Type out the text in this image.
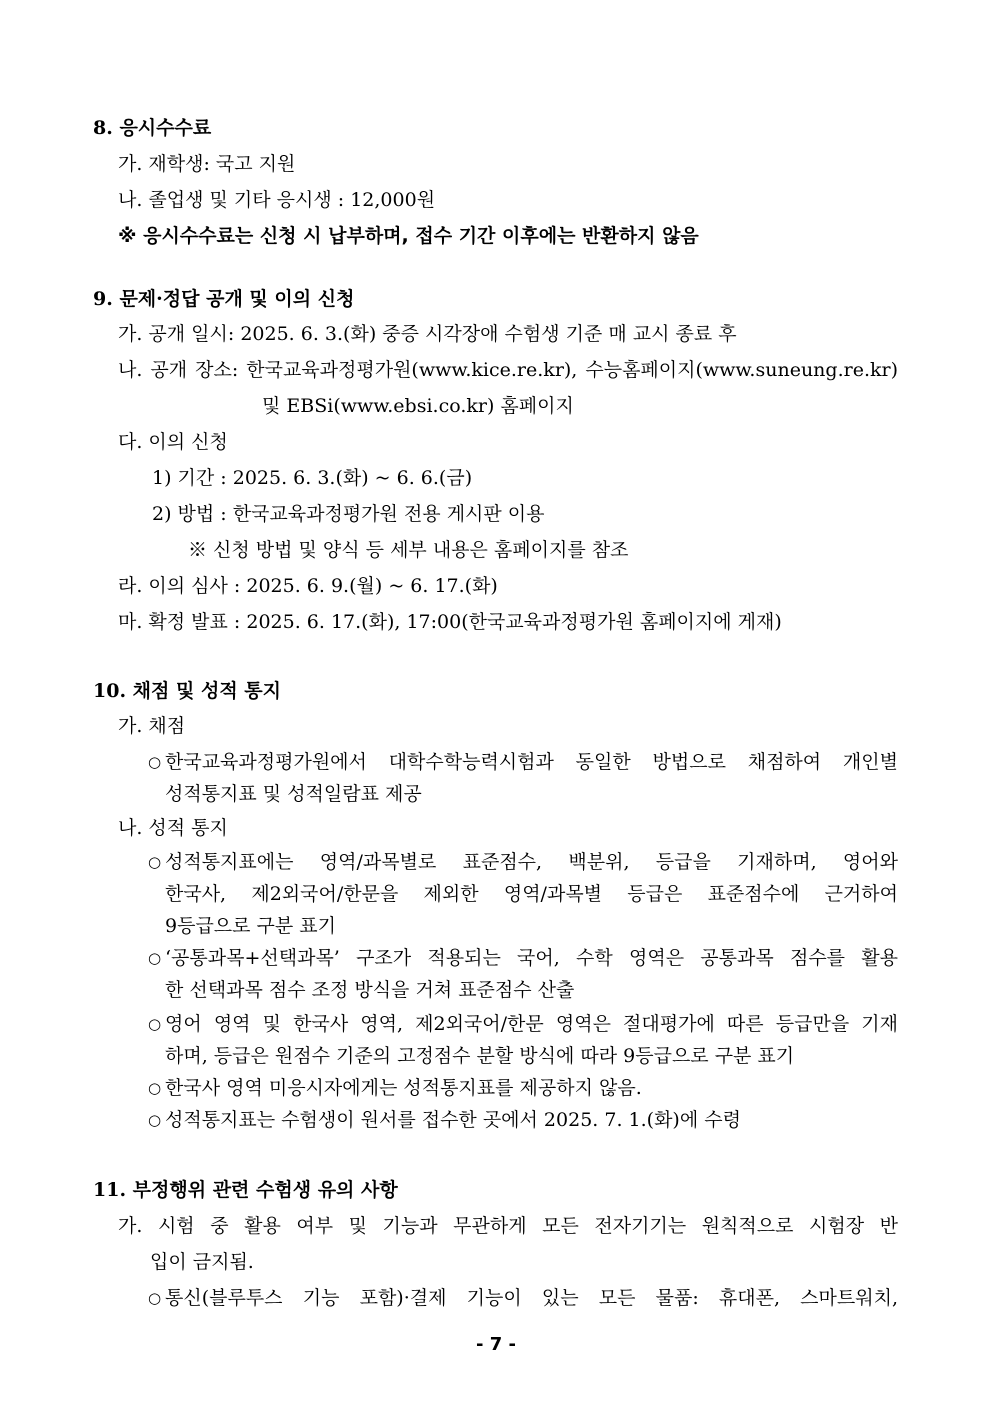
8. 응시수수료
가. 재학생: 국고 지원
나. 졸업생 및 기타 응시생 : 12,000원
※ 응시수수료는 신청 시 납부하며, 접수 기간 이후에는 반환하지 않음
9. 문제·정답 공개 및 이의 신청
가. 공개 일시: 2025. 6. 3.(화) 중증 시각장애 수험생 기준 매 교시 종료 후
나. 공개 장소: 한국교육과정평가원(www.kice.re.kr), 수능홈페이지(www.suneung.re.kr)
및 EBSi(www.ebsi.co.kr) 홈페이지
다. 이의 신청
1) 기간 : 2025. 6. 3.(화) ~ 6. 6.(금)
2) 방법 : 한국교육과정평가원 전용 게시판 이용
※ 신청 방법 및 양식 등 세부 내용은 홈페이지를 참조
라. 이의 심사 : 2025. 6. 9.(월) ~ 6. 17.(화)
마. 확정 발표 : 2025. 6. 17.(화), 17:00(한국교육과정평가원 홈페이지에 게재)
10. 채점 및 성적 통지
가. 채점
○ 한국교육과정평가원에서 대학수학능력시험과 동일한 방법으로 채점하여 개인별
성적통지표 및 성적일람표 제공
나. 성적 통지
○ 성적통지표에는 영역/과목별로 표준점수, 백분위, 등급을 기재하며, 영어와
한국사, 제2외국어/한문을 제외한 영역/과목별 등급은 표준점수에 근거하여
9등급으로 구분 표기
○ ‘공통과목+선택과목’ 구조가 적용되는 국어, 수학 영역은 공통과목 점수를 활용
한 선택과목 점수 조정 방식을 거쳐 표준점수 산출
○ 영어 영역 및 한국사 영역, 제2외국어/한문 영역은 절대평가에 따른 등급만을 기재
하며, 등급은 원점수 기준의 고정점수 분할 방식에 따라 9등급으로 구분 표기
○ 한국사 영역 미응시자에게는 성적통지표를 제공하지 않음.
○ 성적통지표는 수험생이 원서를 접수한 곳에서 2025. 7. 1.(화)에 수령
11. 부정행위 관련 수험생 유의 사항
가. 시험 중 활용 여부 및 기능과 무관하게 모든 전자기기는 원칙적으로 시험장 반
입이 금지됨.
○ 통신(블루투스 기능 포함)·결제 기능이 있는 모든 물품: 휴대폰, 스마트워치,
- 7 -
